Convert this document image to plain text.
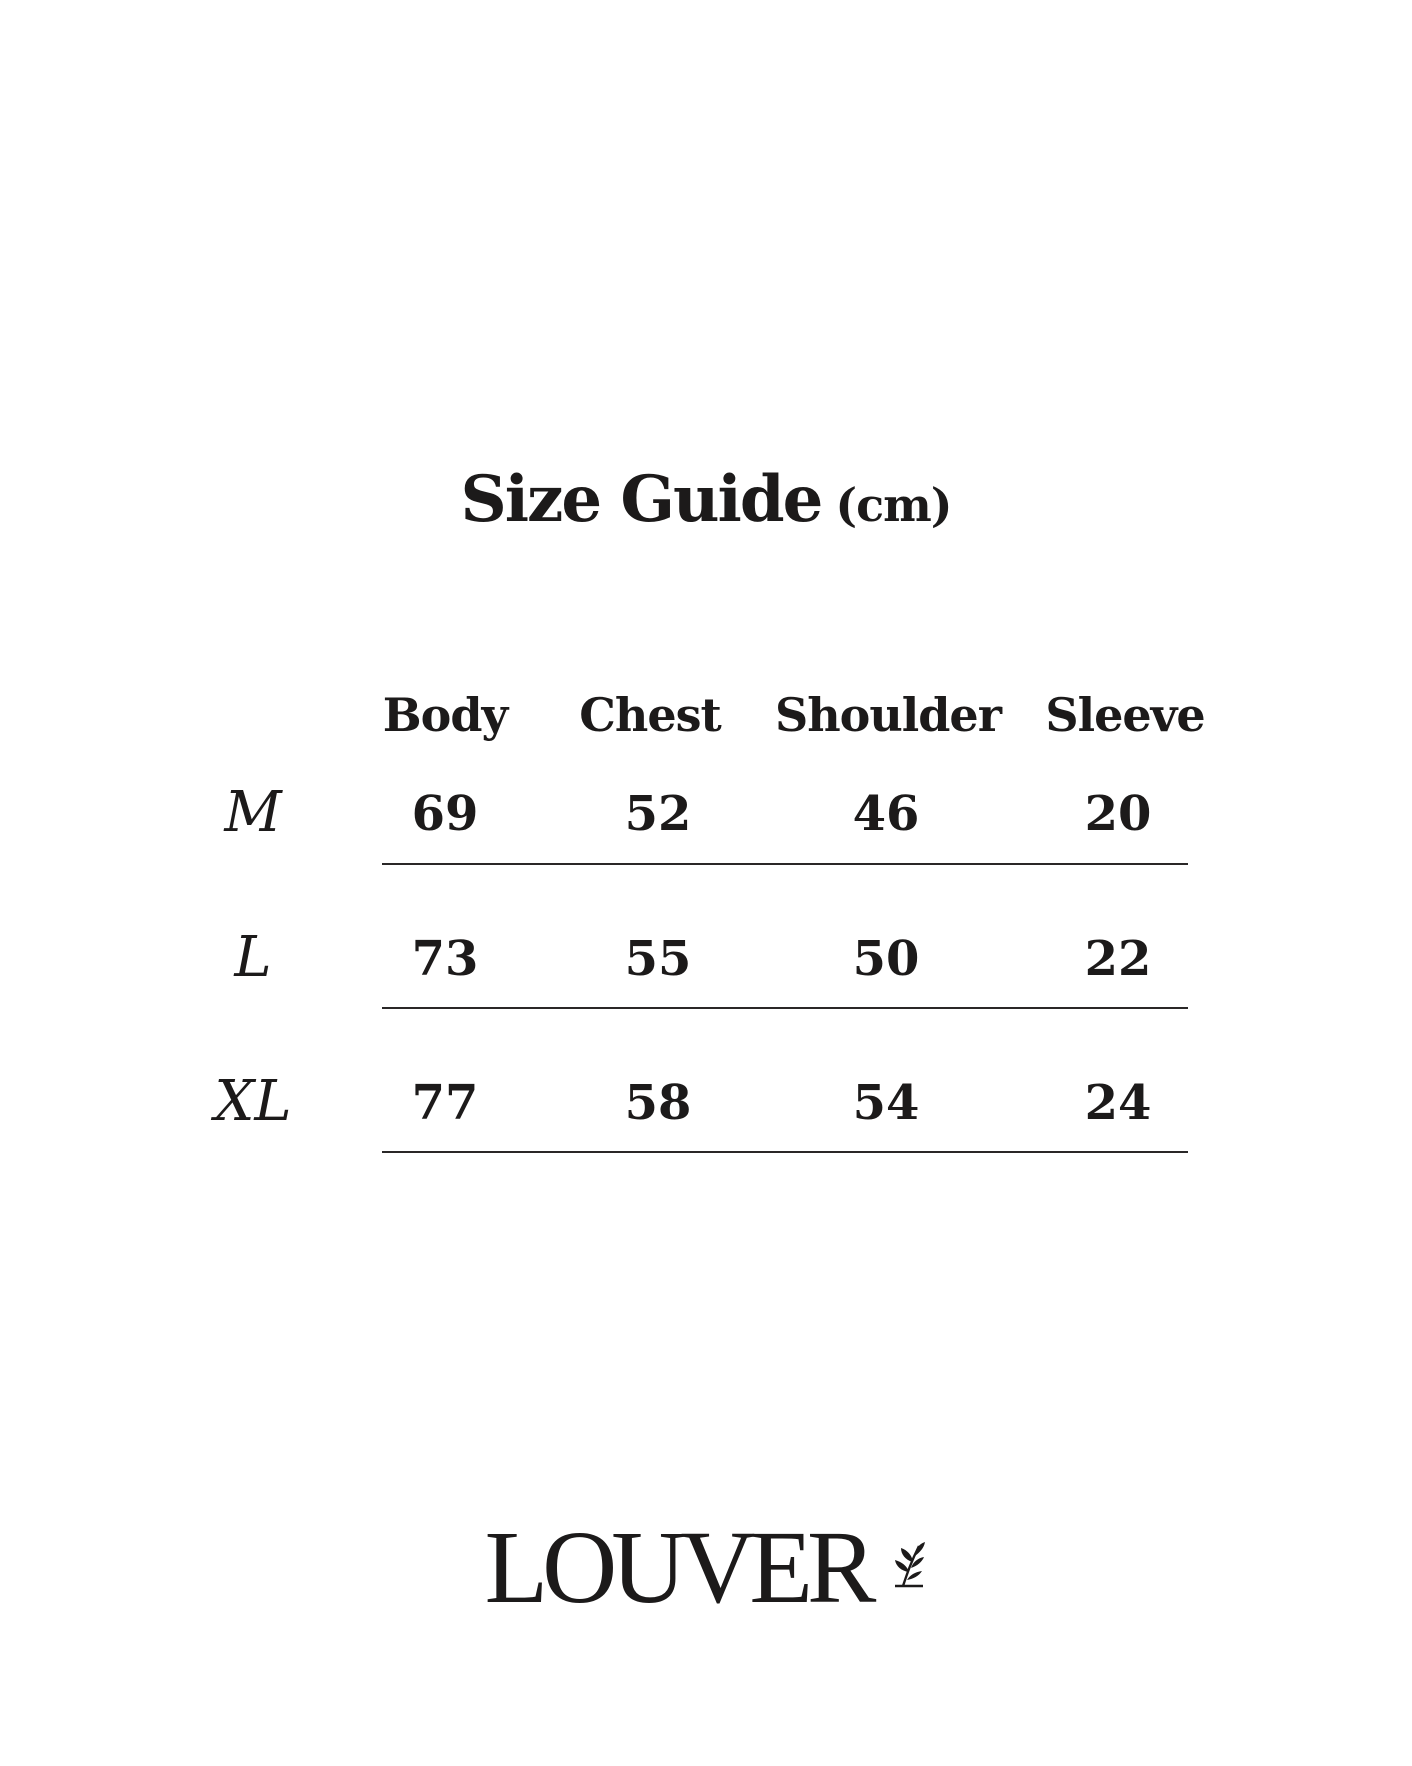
Size Guide (cm)
Body Chest Shoulder Sleeve
M	69	52	46	20
L	73	55	50	22
XL	77	58	54	24
LOUVER
